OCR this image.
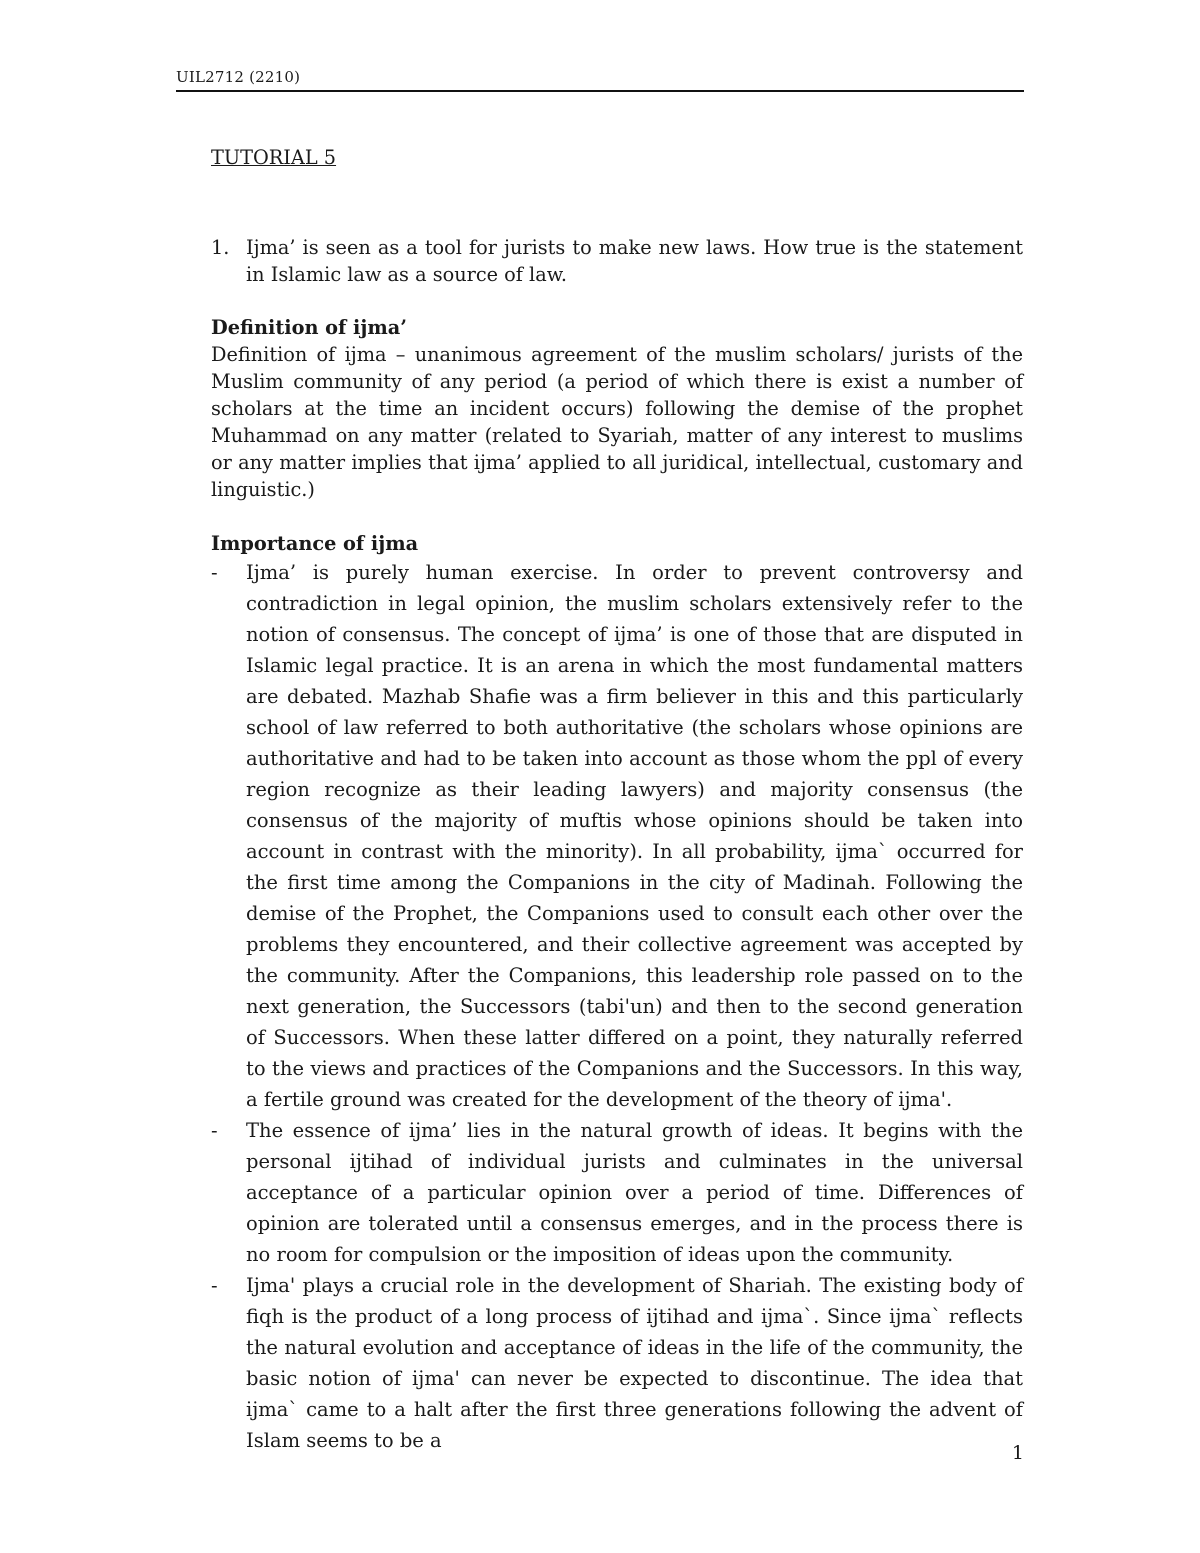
UIL2712 (2210)
TUTORIAL 5
1. Ijma’ is seen as a tool for jurists to make new laws. How true is the statement in Islamic law as a source of law.
Definition of ijma’

Definition of ijma – unanimous agreement of the muslim scholars/ jurists of the Muslim community of any period (a period of which there is exist a number of scholars at the time an incident occurs) following the demise of the prophet Muhammad on any matter (related to Syariah, matter of any interest to muslims or any matter implies that ijma’ applied to all juridical, intellectual, customary and linguistic.)

Importance of ijma
- Ijma’ is purely human exercise. In order to prevent controversy and contradiction in legal opinion, the muslim scholars extensively refer to the notion of consensus. The concept of ijma’ is one of those that are disputed in Islamic legal practice. It is an arena in which the most fundamental matters are debated. Mazhab Shafie was a firm believer in this and this particularly school of law referred to both authoritative (the scholars whose opinions are authoritative and had to be taken into account as those whom the ppl of every region recognize as their leading lawyers) and majority consensus (the consensus of the majority of muftis whose opinions should be taken into account in contrast with the minority). In all probability, ijma` occurred for the first time among the Companions in the city of Madinah. Following the demise of the Prophet, the Companions used to consult each other over the problems they encountered, and their collective agreement was accepted by the community. After the Companions, this leadership role passed on to the next generation, the Successors (tabi'un) and then to the second generation of Successors. When these latter differed on a point, they naturally referred to the views and practices of the Companions and the Successors. In this way, a fertile ground was created for the development of the theory of ijma'.
- The essence of ijma’ lies in the natural growth of ideas. It begins with the personal ijtihad of individual jurists and culminates in the universal acceptance of a particular opinion over a period of time. Differences of opinion are tolerated until a consensus emerges, and in the process there is no room for compulsion or the imposition of ideas upon the community.
- Ijma' plays a crucial role in the development of Shariah. The existing body of fiqh is the product of a long process of ijtihad and ijma`. Since ijma` reflects the natural evolution and acceptance of ideas in the life of the community, the basic notion of ijma' can never be expected to discontinue. The idea that ijma` came to a halt after the first three generations following the advent of Islam seems to be a
1
